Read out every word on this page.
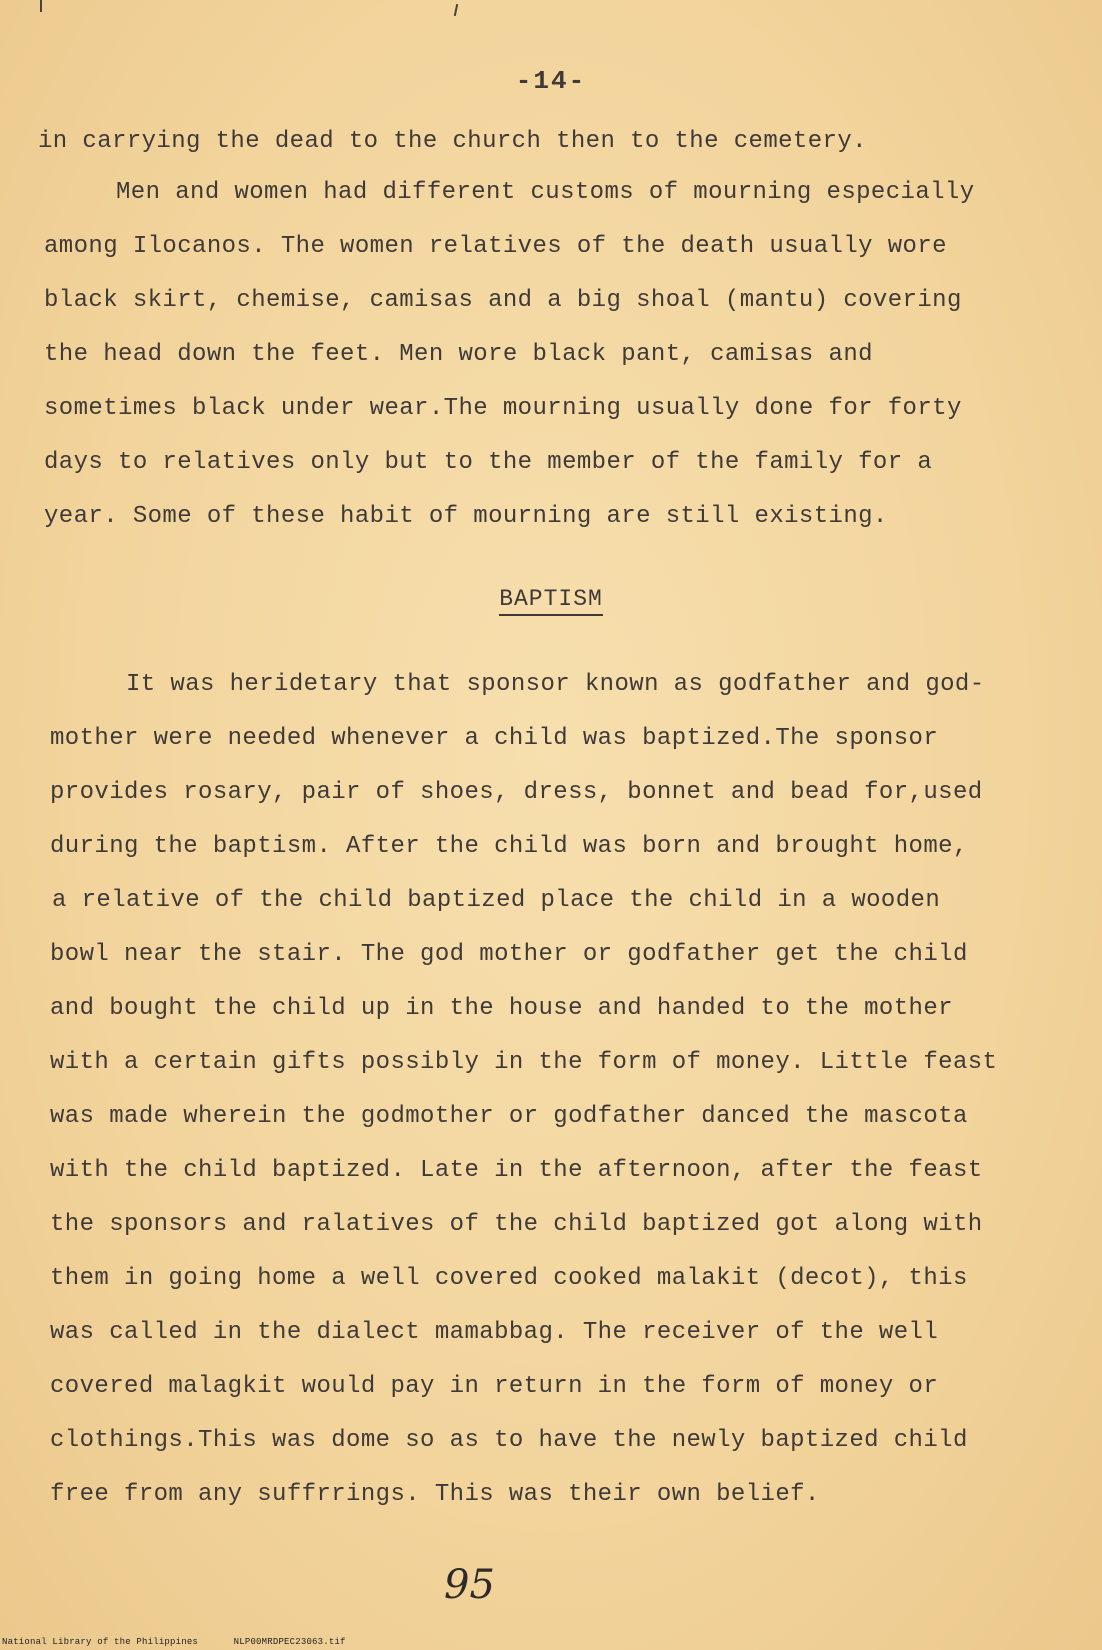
-14-
in carrying the dead to the church then to the cemetery.
Men and women had different customs of mourning especially
among Ilocanos. The women relatives of the death usually wore
black skirt, chemise, camisas and a big shoal (mantu) covering
the head down the feet. Men wore black pant, camisas and
sometimes black under wear.The mourning usually done for forty
days to relatives only but to the member of the family for a
year. Some of these habit of mourning are still existing.
BAPTISM
It was heridetary that sponsor known as godfather and god-
mother were needed whenever a child was baptized.The sponsor
provides rosary, pair of shoes, dress, bonnet and bead for,used
during the baptism. After the child was born and brought home,
a relative of the child baptized place the child in a wooden
bowl near the stair. The god mother or godfather get the child
and bought the child up in the house and handed to the mother
with a certain gifts possibly in the form of money. Little feast
was made wherein the godmother or godfather danced the mascota
with the child baptized. Late in the afternoon, after the feast
the sponsors and ralatives of the child baptized got along with
them in going home a well covered cooked malakit (decot), this
was called in the dialect mamabbag. The receiver of the well
covered malagkit would pay in return in the form of money or
clothings.This was dome so as to have the newly baptized child
free from any suffrrings. This was their own belief.
95
National Library of the Philippines	NLP00MRDPEC23063.tif
